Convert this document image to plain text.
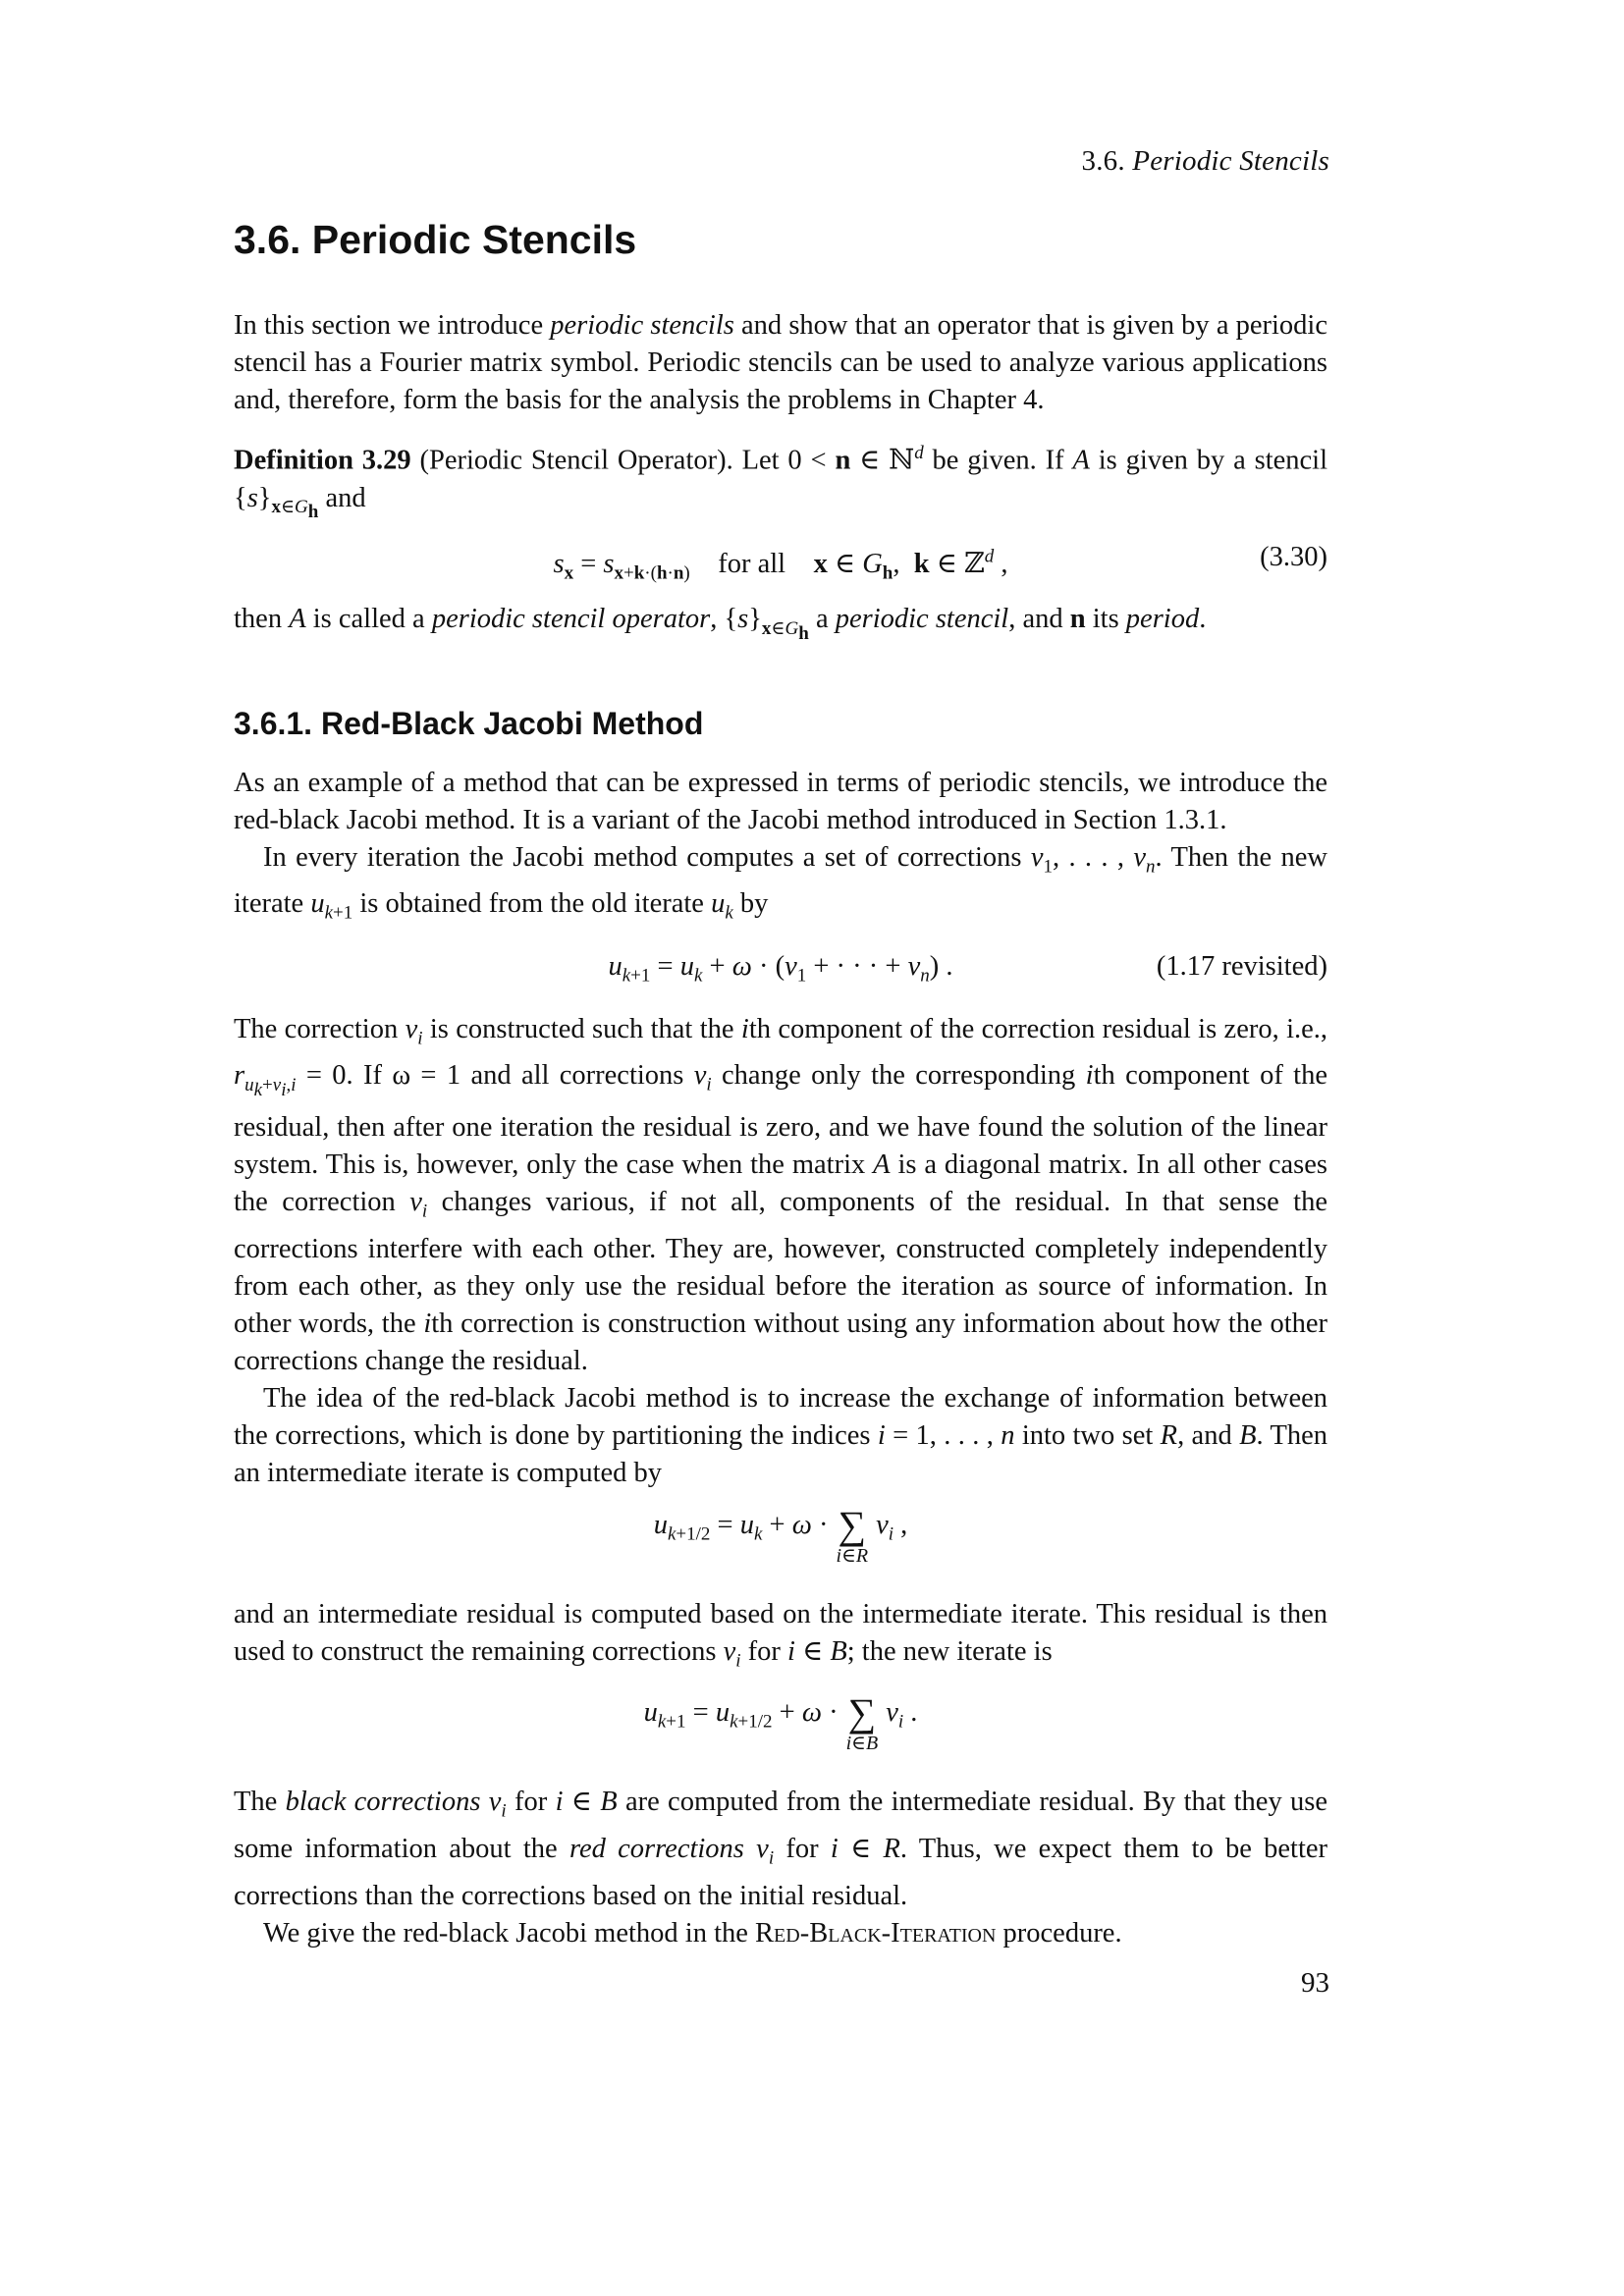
3.6. Periodic Stencils
3.6. Periodic Stencils

In this section we introduce periodic stencils and show that an operator that is given by a periodic stencil has a Fourier matrix symbol. Periodic stencils can be used to analyze various applications and, therefore, form the basis for the analysis the problems in Chapter 4.

Definition 3.29 (Periodic Stencil Operator). Let 0 < n ∈ ℕ$^d$ be given. If A is given by a stencil $\{s\}_{x\in G_h}$ and

$s_x = s_{x+k\cdot(h\cdot n)}$ for all x ∈ $G_h$,  k ∈ ℤ$^d$ ,	(3.30)

then A is called a periodic stencil operator, $\{s\}_{x\in G_h}$ a periodic stencil, and n its period.

3.6.1. Red-Black Jacobi Method

As an example of a method that can be expressed in terms of periodic stencils, we introduce the red-black Jacobi method. It is a variant of the Jacobi method introduced in Section 1.3.1.

In every iteration the Jacobi method computes a set of corrections $v_1$, . . . , $v_n$. Then the new iterate $u_{k+1}$ is obtained from the old iterate $u_k$ by

$u_{k+1} = u_k + \omega \cdot (v_1$ + · · · + $v_n$) .	(1.17 revisited)

The correction $v_i$ is constructed such that the ith component of the correction residual is zero, i.e., $r_{u_k+v_i,i} = 0$. If ω = 1 and all corrections $v_i$ change only the corresponding ith component of the residual, then after one iteration the residual is zero, and we have found the solution of the linear system. This is, however, only the case when the matrix A is a diagonal matrix. In all other cases the correction $v_i$ changes various, if not all, components of the residual. In that sense the corrections interfere with each other. They are, however, constructed completely independently from each other, as they only use the residual before the iteration as source of information. In other words, the ith correction is construction without using any information about how the other corrections change the residual.

The idea of the red-black Jacobi method is to increase the exchange of information between the corrections, which is done by partitioning the indices i = 1, . . . , n into two set R, and B. Then an intermediate iterate is computed by

$u_{k+1/2} = u_k + \omega$ · ∑
i∈R
$v_i$ ,

and an intermediate residual is computed based on the intermediate iterate. This residual is then used to construct the remaining corrections $v_i$ for i ∈ B; the new iterate is

$u_{k+1} = u_{k+1/2} + \omega$ · ∑
i∈B
$v_i$ .

The black corrections $v_i$ for i ∈ B are computed from the intermediate residual. By that they use some information about the red corrections $v_i$ for i ∈ R. Thus, we expect them to be better corrections than the corrections based on the initial residual.

We give the red-black Jacobi method in the Red-Black-Iteration procedure.

93
